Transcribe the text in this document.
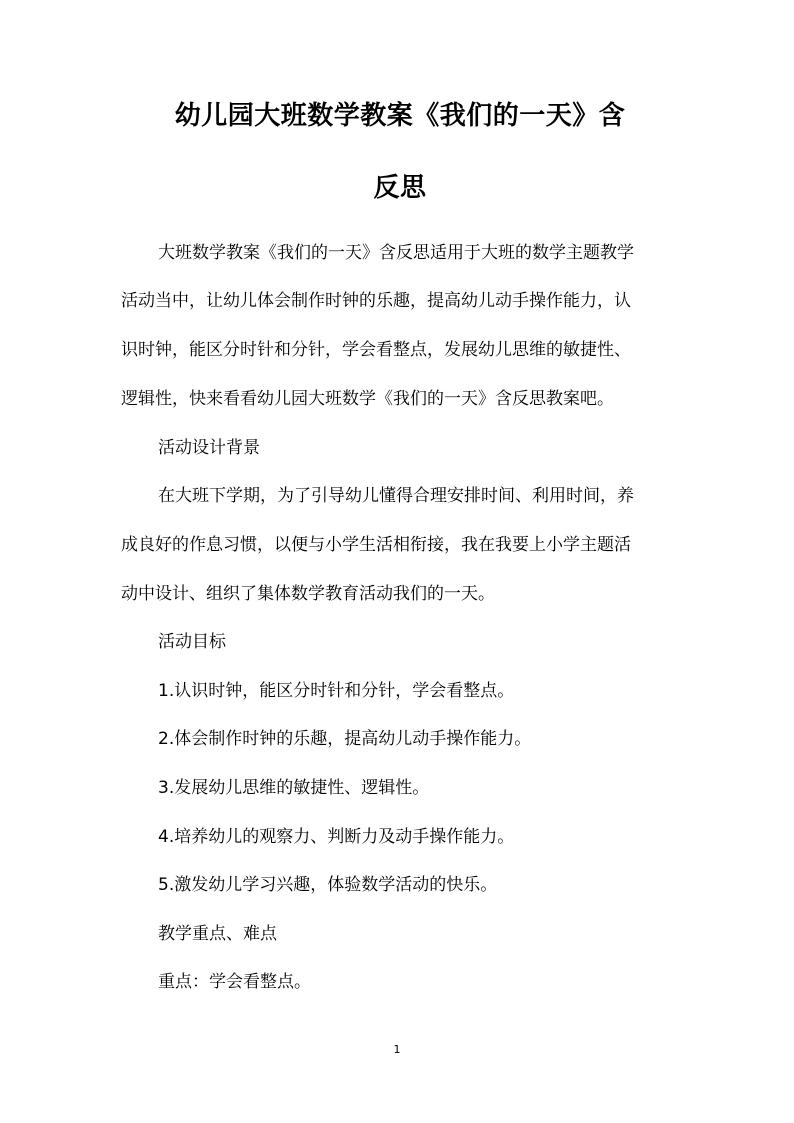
幼儿园大班数学教案《我们的一天》含
反思
大班数学教案《我们的一天》含反思适用于大班的数学主题教学
活动当中，让幼儿体会制作时钟的乐趣，提高幼儿动手操作能力，认
识时钟，能区分时针和分针，学会看整点，发展幼儿思维的敏捷性、
逻辑性，快来看看幼儿园大班数学《我们的一天》含反思教案吧。
活动设计背景
在大班下学期，为了引导幼儿懂得合理安排时间、利用时间，养
成良好的作息习惯，以便与小学生活相衔接，我在我要上小学主题活
动中设计、组织了集体数学教育活动我们的一天。
活动目标
1.认识时钟，能区分时针和分针，学会看整点。
2.体会制作时钟的乐趣，提高幼儿动手操作能力。
3.发展幼儿思维的敏捷性、逻辑性。
4.培养幼儿的观察力、判断力及动手操作能力。
5.激发幼儿学习兴趣，体验数学活动的快乐。
教学重点、难点
重点：学会看整点。
1
